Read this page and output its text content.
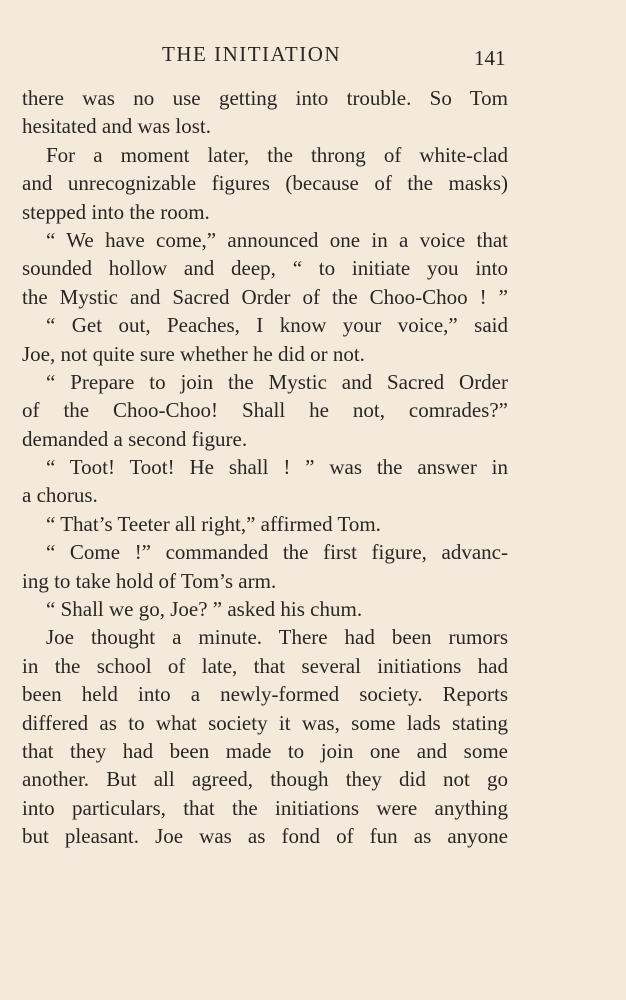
THE INITIATION	141
there was no use getting into trouble. So Tom
hesitated and was lost.
For a moment later, the throng of white-clad
and unrecognizable figures (because of the masks)
stepped into the room.
“ We have come,” announced one in a voice that
sounded hollow and deep, “ to initiate you into
the Mystic and Sacred Order of the Choo-Choo ! ”
“ Get out, Peaches, I know your voice,” said
Joe, not quite sure whether he did or not.
“ Prepare to join the Mystic and Sacred Order
of the Choo-Choo! Shall he not, comrades?”
demanded a second figure.
“ Toot! Toot! He shall ! ” was the answer in
a chorus.
“ That’s Teeter all right,” affirmed Tom.
“ Come !” commanded the first figure, advanc-
ing to take hold of Tom’s arm.
“ Shall we go, Joe? ” asked his chum.
Joe thought a minute. There had been rumors
in the school of late, that several initiations had
been held into a newly-formed society. Reports
differed as to what society it was, some lads stating
that they had been made to join one and some
another. But all agreed, though they did not go
into particulars, that the initiations were anything
but pleasant. Joe was as fond of fun as anyone
